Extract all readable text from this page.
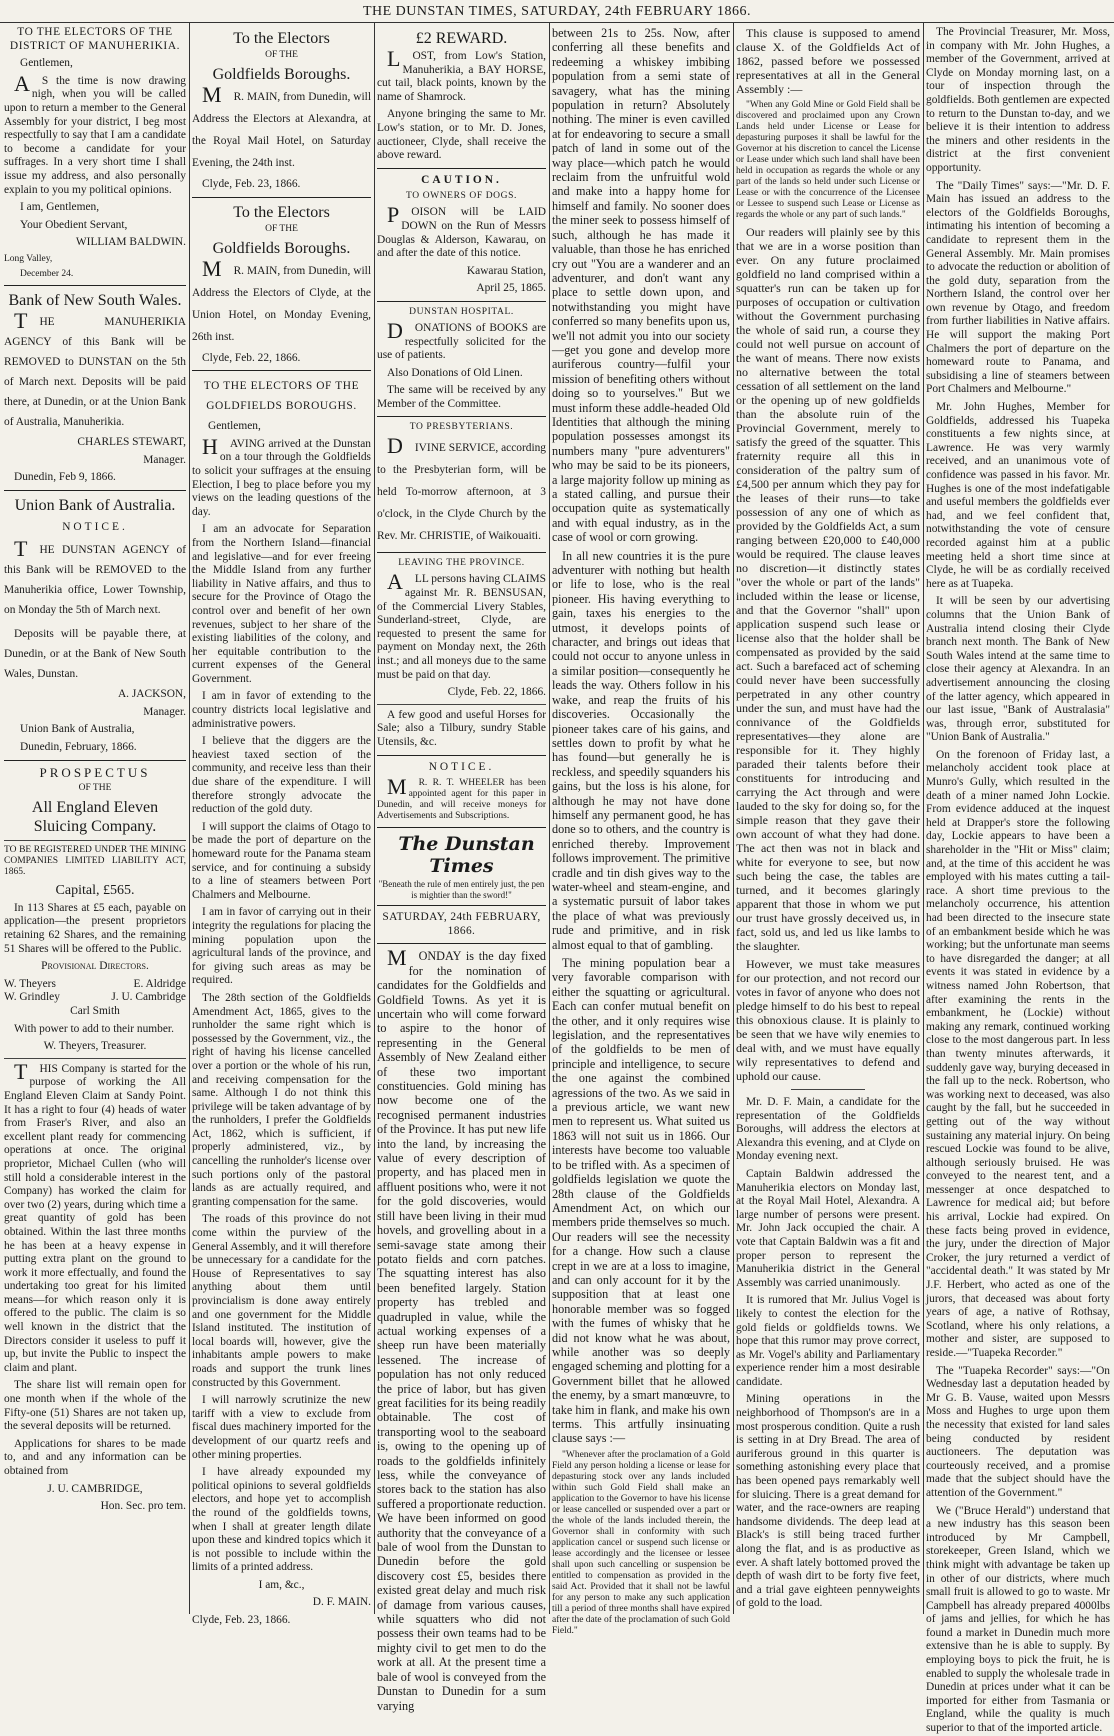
THE DUNSTAN TIMES, SATURDAY, 24th FEBRUARY 1866.

TO THE ELECTORS OF THE DISTRICT OF MANUHERIKIA.

Gentlemen,

AS the time is now drawing nigh, when you will be called upon to return a member to the General Assembly for your district, I beg most respectfully to say that I am a candidate to become a candidate for your suffrages. In a very short time I shall issue my address, and also personally explain to you my political opinions.

I am, Gentlemen,

Your Obedient Servant,

WILLIAM BALDWIN.

Long Valley,

December 24.

Bank of New South Wales.

THE MANUHERIKIA AGENCY of this Bank will be REMOVED to DUNSTAN on the 5th of March next. Deposits will be paid there, at Dunedin, or at the Union Bank of Australia, Manuherikia.

CHARLES STEWART,

Manager.

Dunedin, Feb 9, 1866.

Union Bank of Australia.

NOTICE.

THE DUNSTAN AGENCY of this Bank will be REMOVED to the Manuherikia office, Lower Township, on Monday the 5th of March next.

Deposits will be payable there, at Dunedin, or at the Bank of New South Wales, Dunstan.

A. JACKSON,

Manager.

Union Bank of Australia,

Dunedin, February, 1866.

PROSPECTUS

OF THE

All England Eleven Sluicing Company.

TO BE REGISTERED UNDER THE MINING COMPANIES LIMITED LIABILITY ACT, 1865.

Capital, £565.

In 113 Shares at £5 each, payable on application—the present proprietors retaining 62 Shares, and the remaining 51 Shares will be offered to the Public.

Provisional Directors.

W. Theyers	E. Aldridge
W. Grindley	J. U. Cambridge

Carl Smith

With power to add to their number.

W. Theyers, Treasurer.

THIS Company is started for the purpose of working the All England Eleven Claim at Sandy Point. It has a right to four (4) heads of water from Fraser's River, and also an excellent plant ready for commencing operations at once. The original proprietor, Michael Cullen (who will still hold a considerable interest in the Company) has worked the claim for over two (2) years, during which time a great quantity of gold has been obtained. Within the last three months he has been at a heavy expense in putting extra plant on the ground to work it more effectually, and found the undertaking too great for his limited means—for which reason only it is offered to the public. The claim is so well known in the district that the Directors consider it useless to puff it up, but invite the Public to inspect the claim and plant.

The share list will remain open for one month when if the whole of the Fifty-one (51) Shares are not taken up, the several deposits will be returned.

Applications for shares to be made to, and and any information can be obtained from

J. U. CAMBRIDGE,

Hon. Sec. pro tem.

To the Electors

OF THE

Goldfields Boroughs.

MR. MAIN, from Dunedin, will Address the Electors at Alexandra, at the Royal Mail Hotel, on Saturday Evening, the 24th inst.

Clyde, Feb. 23, 1866.

To the Electors

OF THE

Goldfields Boroughs.

MR. MAIN, from Dunedin, will Address the Electors of Clyde, at the Union Hotel, on Monday Evening, 26th inst.

Clyde, Feb. 22, 1866.

TO THE ELECTORS OF THE GOLDFIELDS BOROUGHS.

Gentlemen,

HAVING arrived at the Dunstan on a tour through the Goldfields to solicit your suffrages at the ensuing Election, I beg to place before you my views on the leading questions of the day.

I am an advocate for Separation from the Northern Island—financial and legislative—and for ever freeing the Middle Island from any further liability in Native affairs, and thus to secure for the Province of Otago the control over and benefit of her own revenues, subject to her share of the existing liabilities of the colony, and her equitable contribution to the current expenses of the General Government.

I am in favor of extending to the country districts local legislative and administrative powers.

I believe that the diggers are the heaviest taxed section of the community, and receive less than their due share of the expenditure. I will therefore strongly advocate the reduction of the gold duty.

I will support the claims of Otago to be made the port of departure on the homeward route for the Panama steam service, and for continuing a subsidy to a line of steamers between Port Chalmers and Melbourne.

I am in favor of carrying out in their integrity the regulations for placing the mining population upon the agricultural lands of the province, and for giving such areas as may be required.

The 28th section of the Goldfields Amendment Act, 1865, gives to the runholder the same right which is possessed by the Government, viz., the right of having his license cancelled over a portion or the whole of his run, and receiving compensation for the same. Although I do not think this privilege will be taken advantage of by the runholders, I prefer the Goldfields Act, 1862, which is sufficient, if properly administered, viz., by cancelling the runholder's license over such portions only of the pastoral lands as are actually required, and granting compensation for the same.

The roads of this province do not come within the purview of the General Assembly, and it will therefore be unnecessary for a candidate for the House of Representatives to say anything about them until provincialism is done away entirely and one government for the Middle Island instituted. The institution of local boards will, however, give the inhabitants ample powers to make roads and support the trunk lines constructed by this Government.

I will narrowly scrutinize the new tariff with a view to exclude from fiscal dues machinery imported for the development of our quartz reefs and other mining properties.

I have already expounded my political opinions to several goldfields electors, and hope yet to accomplish the round of the goldfields towns, when I shall at greater length dilate upon these and kindred topics which it is not possible to include within the limits of a printed address.

I am, &c.,

D. F. MAIN.

Clyde, Feb. 23, 1866.

£2 REWARD.

LOST, from Low's Station, Manuherikia, a BAY HORSE, cut tail, black points, known by the name of Shamrock.

Anyone bringing the same to Mr. Low's station, or to Mr. D. Jones, auctioneer, Clyde, shall receive the above reward.

CAUTION.

TO OWNERS OF DOGS.

POISON will be LAID DOWN on the Run of Messrs Douglas & Alderson, Kawarau, on and after the date of this notice.

Kawarau Station,

April 25, 1865.

DUNSTAN HOSPITAL.

DONATIONS of BOOKS are respectfully solicited for the use of patients.

Also Donations of Old Linen.

The same will be received by any Member of the Committee.

TO PRESBYTERIANS.

DIVINE SERVICE, according to the Presbyterian form, will be held To-morrow afternoon, at 3 o'clock, in the Clyde Church by the Rev. Mr. CHRISTIE, of Waikouaiti.

LEAVING THE PROVINCE.

ALL persons having CLAIMS against Mr. R. BENSUSAN, of the Commercial Livery Stables, Sunderland-street, Clyde, are requested to present the same for payment on Monday next, the 26th inst.; and all moneys due to the same must be paid on that day.

Clyde, Feb. 22, 1866.

A few good and useful Horses for Sale; also a Tilbury, sundry Stable Utensils, &c.

NOTICE.

MR. R. T. WHEELER has been appointed agent for this paper in Dunedin, and will receive moneys for Advertisements and Subscriptions.

The Dunstan Times

"Beneath the rule of men entirely just, the pen is mightier than the sword!"

SATURDAY, 24th FEBRUARY, 1866.

MONDAY is the day fixed for the nomination of candidates for the Goldfields and Goldfield Towns. As yet it is uncertain who will come forward to aspire to the honor of representing in the General Assembly of New Zealand either of these two important constituencies. Gold mining has now become one of the recognised permanent industries of the Province. It has put new life into the land, by increasing the value of every description of property, and has placed men in affluent positions who, were it not for the gold discoveries, would still have been living in their mud hovels, and grovelling about in a semi-savage state among their potato fields and corn patches. The squatting interest has also been benefited largely. Station property has trebled and quadrupled in value, while the actual working expenses of a sheep run have been materially lessened. The increase of population has not only reduced the price of labor, but has given great facilities for its being readily obtainable. The cost of transporting wool to the seaboard is, owing to the opening up of roads to the goldfields infinitely less, while the conveyance of stores back to the station has also suffered a proportionate reduction. We have been informed on good authority that the conveyance of a bale of wool from the Dunstan to Dunedin before the gold discovery cost £5, besides there existed great delay and much risk of damage from various causes, while squatters who did not possess their own teams had to be mighty civil to get men to do the work at all. At the present time a bale of wool is conveyed from the Dunstan to Dunedin for a sum varying

between 21s to 25s. Now, after conferring all these benefits and redeeming a whiskey imbibing population from a semi state of savagery, what has the mining population in return? Absolutely nothing. The miner is even cavilled at for endeavoring to secure a small patch of land in some out of the way place—which patch he would reclaim from the unfruitful wold and make into a happy home for himself and family. No sooner does the miner seek to possess himself of such, although he has made it valuable, than those he has enriched cry out "You are a wanderer and an adventurer, and don't want any place to settle down upon, and notwithstanding you might have conferred so many benefits upon us, we'll not admit you into our society—get you gone and develop more auriferous country—fulfil your mission of benefiting others without doing so to yourselves." But we must inform these addle-headed Old Identities that although the mining population possesses amongst its numbers many "pure adventurers" who may be said to be its pioneers, a large majority follow up mining as a stated calling, and pursue their occupation quite as systematically and with equal industry, as in the case of wool or corn growing.

In all new countries it is the pure adventurer with nothing but health or life to lose, who is the real pioneer. His having everything to gain, taxes his energies to the utmost, it develops points of character, and brings out ideas that could not occur to anyone unless in a similar position—consequently he leads the way. Others follow in his wake, and reap the fruits of his discoveries. Occasionally the pioneer takes care of his gains, and settles down to profit by what he has found—but generally he is reckless, and speedily squanders his gains, but the loss is his alone, for although he may not have done himself any permanent good, he has done so to others, and the country is enriched thereby. Improvement follows improvement. The primitive cradle and tin dish gives way to the water-wheel and steam-engine, and a systematic pursuit of labor takes the place of what was previously rude and primitive, and in risk almost equal to that of gambling.

The mining population bear a very favorable comparison with either the squatting or agricultural. Each can confer mutual benefit on the other, and it only requires wise legislation, and the representatives of the goldfields to be men of principle and intelligence, to secure the one against the combined agressions of the two. As we said in a previous article, we want new men to represent us. What suited us 1863 will not suit us in 1866. Our interests have become too valuable to be trifled with. As a specimen of goldfields legislation we quote the 28th clause of the Goldfields Amendment Act, on which our members pride themselves so much. Our readers will see the necessity for a change. How such a clause crept in we are at a loss to imagine, and can only account for it by the supposition that at least one honorable member was so fogged with the fumes of whisky that he did not know what he was about, while another was so deeply engaged scheming and plotting for a Government billet that he allowed the enemy, by a smart manœuvre, to take him in flank, and make his own terms. This artfully insinuating clause says :—

"Whenever after the proclamation of a Gold Field any person holding a license or lease for depasturing stock over any lands included within such Gold Field shall make an application to the Governor to have his license or lease cancelled or suspended over a part or the whole of the lands included therein, the Governor shall in conformity with such application cancel or suspend such license or lease accordingly and the licensee or lessee shall upon such cancelling or suspension be entitled to compensation as provided in the said Act. Provided that it shall not be lawful for any person to make any such application till a period of three months shall have expired after the date of the proclamation of such Gold Field."

This clause is supposed to amend clause X. of the Goldfields Act of 1862, passed before we possessed representatives at all in the General Assembly :—

"When any Gold Mine or Gold Field shall be discovered and proclaimed upon any Crown Lands held under License or Lease for depasturing purposes it shall be lawful for the Governor at his discretion to cancel the License or Lease under which such land shall have been held in occupation as regards the whole or any part of the lands so held under such License or Lease or with the concurrence of the Licensee or Lessee to suspend such Lease or License as regards the whole or any part of such lands."

Our readers will plainly see by this that we are in a worse position than ever. On any future proclaimed goldfield no land comprised within a squatter's run can be taken up for purposes of occupation or cultivation without the Government purchasing the whole of said run, a course they could not well pursue on account of the want of means. There now exists no alternative between the total cessation of all settlement on the land or the opening up of new goldfields than the absolute ruin of the Provincial Government, merely to satisfy the greed of the squatter. This fraternity require all this in consideration of the paltry sum of £4,500 per annum which they pay for the leases of their runs—to take possession of any one of which as provided by the Goldfields Act, a sum ranging between £20,000 to £40,000 would be required. The clause leaves no discretion—it distinctly states "over the whole or part of the lands" included within the lease or license, and that the Governor "shall" upon application suspend such lease or license also that the holder shall be compensated as provided by the said act. Such a barefaced act of scheming could never have been successfully perpetrated in any other country under the sun, and must have had the connivance of the Goldfields representatives—they alone are responsible for it. They highly paraded their talents before their constituents for introducing and carrying the Act through and were lauded to the sky for doing so, for the simple reason that they gave their own account of what they had done. The act then was not in black and white for everyone to see, but now such being the case, the tables are turned, and it becomes glaringly apparent that those in whom we put our trust have grossly deceived us, in fact, sold us, and led us like lambs to the slaughter.

However, we must take measures for our protection, and not record our votes in favor of anyone who does not pledge himself to do his best to repeal this obnoxious clause. It is plainly to be seen that we have wily enemies to deal with, and we must have equally wily representatives to defend and uphold our cause.

Mr. D. F. Main, a candidate for the representation of the Goldfields Boroughs, will address the electors at Alexandra this evening, and at Clyde on Monday evening next.

Captain Baldwin addressed the Manuherikia electors on Monday last, at the Royal Mail Hotel, Alexandra. A large number of persons were present. Mr. John Jack occupied the chair. A vote that Captain Baldwin was a fit and proper person to represent the Manuherikia district in the General Assembly was carried unanimously.

It is rumored that Mr. Julius Vogel is likely to contest the election for the gold fields or goldfields towns. We hope that this rumor may prove correct, as Mr. Vogel's ability and Parliamentary experience render him a most desirable candidate.

Mining operations in the neighborhood of Thompson's are in a most prosperous condition. Quite a rush is setting in at Dry Bread. The area of auriferous ground in this quarter is something astonishing every place that has been opened pays remarkably well for sluicing. There is a great demand for water, and the race-owners are reaping handsome dividends. The deep lead at Black's is still being traced further along the flat, and is as productive as ever. A shaft lately bottomed proved the depth of wash dirt to be forty five feet, and a trial gave eighteen pennyweights of gold to the load.

The Provincial Treasurer, Mr. Moss, in company with Mr. John Hughes, a member of the Government, arrived at Clyde on Monday morning last, on a tour of inspection through the goldfields. Both gentlemen are expected to return to the Dunstan to-day, and we believe it is their intention to address the miners and other residents in the district at the first convenient opportunity.

The "Daily Times" says:—"Mr. D. F. Main has issued an address to the electors of the Goldfields Boroughs, intimating his intention of becoming a candidate to represent them in the General Assembly. Mr. Main promises to advocate the reduction or abolition of the gold duty, separation from the Northern Island, the control over her own revenue by Otago, and freedom from further liabilities in Native affairs. He will support the making Port Chalmers the port of departure on the homeward route to Panama, and subsidising a line of steamers between Port Chalmers and Melbourne."

Mr. John Hughes, Member for Goldfields, addressed his Tuapeka constituents a few nights since, at Lawrence. He was very warmly received, and an unanimous vote of confidence was passed in his favor. Mr. Hughes is one of the most indefatigable and useful members the goldfields ever had, and we feel confident that, notwithstanding the vote of censure recorded against him at a public meeting held a short time since at Clyde, he will be as cordially received here as at Tuapeka.

It will be seen by our advertising columns that the Union Bank of Australia intend closing their Clyde branch next month. The Bank of New South Wales intend at the same time to close their agency at Alexandra. In an advertisement announcing the closing of the latter agency, which appeared in our last issue, "Bank of Australasia" was, through error, substituted for "Union Bank of Australia."

On the forenoon of Friday last, a melancholy accident took place at Munro's Gully, which resulted in the death of a miner named John Lockie. From evidence adduced at the inquest held at Drapper's store the following day, Lockie appears to have been a shareholder in the "Hit or Miss" claim; and, at the time of this accident he was employed with his mates cutting a tail-race. A short time previous to the melancholy occurrence, his attention had been directed to the insecure state of an embankment beside which he was working; but the unfortunate man seems to have disregarded the danger; at all events it was stated in evidence by a witness named John Robertson, that after examining the rents in the embankment, he (Lockie) without making any remark, continued working close to the most dangerous part. In less than twenty minutes afterwards, it suddenly gave way, burying deceased in the fall up to the neck. Robertson, who was working next to deceased, was also caught by the fall, but he succeeded in getting out of the way without sustaining any material injury. On being rescued Lockie was found to be alive, although seriously bruised. He was conveyed to the nearest tent, and a messenger at once despatched to Lawrence for medical aid; but before his arrival, Lockie had expired. On these facts being proved in evidence, the jury, under the direction of Major Croker, the jury returned a verdict of "accidental death." It was stated by Mr J.F. Herbert, who acted as one of the jurors, that deceased was about forty years of age, a native of Rothsay, Scotland, where his only relations, a mother and sister, are supposed to reside.—"Tuapeka Recorder."

The "Tuapeka Recorder" says:—"On Wednesday last a deputation headed by Mr G. B. Vause, waited upon Messrs Moss and Hughes to urge upon them the necessity that existed for land sales being conducted by resident auctioneers. The deputation was courteously received, and a promise made that the subject should have the attention of the Government."

We ("Bruce Herald") understand that a new industry has this season been introduced by Mr Campbell, storekeeper, Green Island, which we think might with advantage be taken up in other of our districts, where much small fruit is allowed to go to waste. Mr Campbell has already prepared 4000lbs of jams and jellies, for which he has found a market in Dunedin much more extensive than he is able to supply. By employing boys to pick the fruit, he is enabled to supply the wholesale trade in Dunedin at prices under what it can be imported for either from Tasmania or England, while the quality is much superior to that of the imported article.
